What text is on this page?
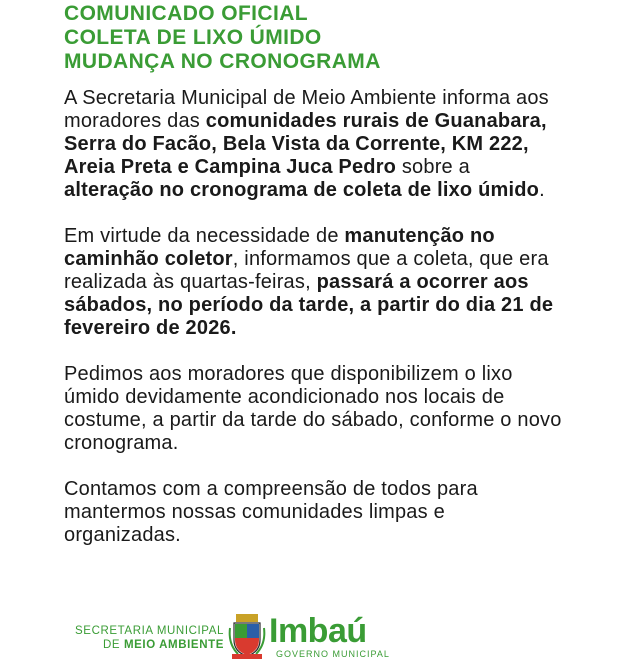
COMUNICADO OFICIAL
COLETA DE LIXO ÚMIDO
MUDANÇA NO CRONOGRAMA

A Secretaria Municipal de Meio Ambiente informa aos moradores das comunidades rurais de Guanabara, Serra do Facão, Bela Vista da Corrente, KM 222, Areia Preta e Campina Juca Pedro sobre a alteração no cronograma de coleta de lixo úmido.

Em virtude da necessidade de manutenção no caminhão coletor, informamos que a coleta, que era realizada às quartas-feiras, passará a ocorrer aos sábados, no período da tarde, a partir do dia 21 de fevereiro de 2026.

Pedimos aos moradores que disponibilizem o lixo úmido devidamente acondicionado nos locais de costume, a partir da tarde do sábado, conforme o novo cronograma.

Contamos com a compreensão de todos para mantermos nossas comunidades limpas e organizadas.

SECRETARIA MUNICIPAL
DE MEIO AMBIENTE Imbaú
GOVERNO MUNICIPAL
